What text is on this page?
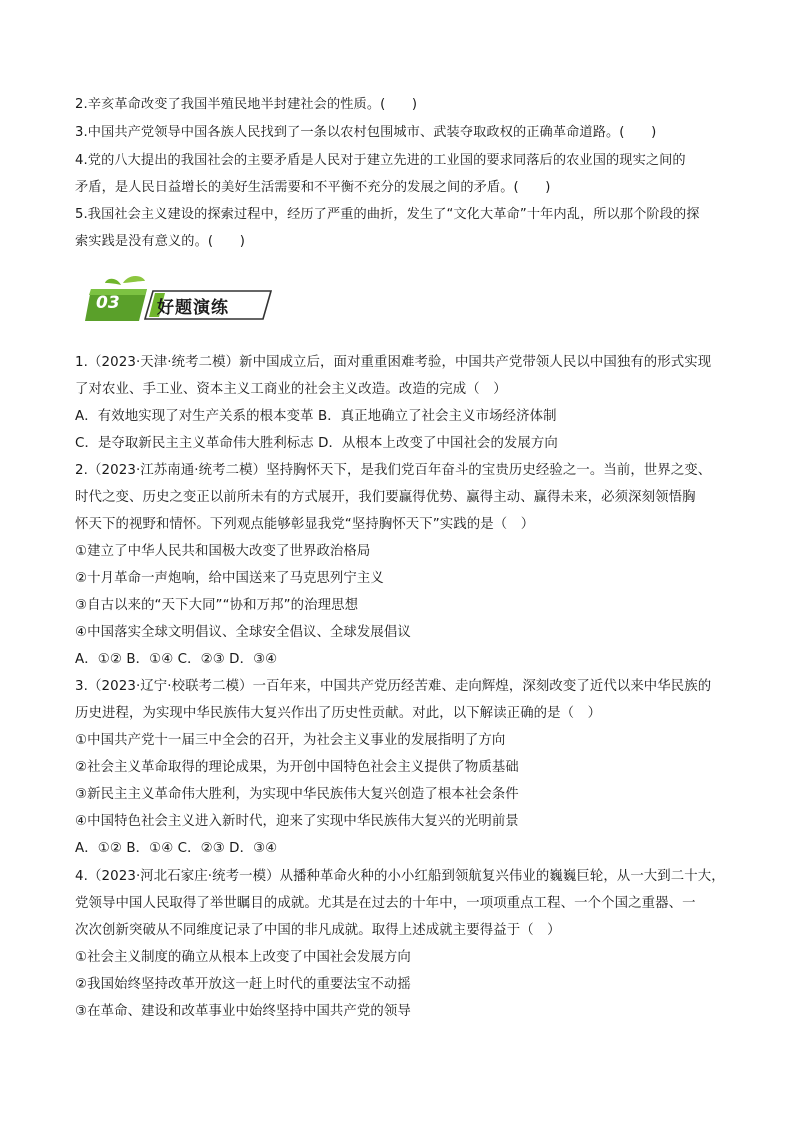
2.辛亥革命改变了我国半殖民地半封建社会的性质。(　　)
3.中国共产党领导中国各族人民找到了一条以农村包围城市、武装夺取政权的正确革命道路。(　　)
4.党的八大提出的我国社会的主要矛盾是人民对于建立先进的工业国的要求同落后的农业国的现实之间的
矛盾，是人民日益增长的美好生活需要和不平衡不充分的发展之间的矛盾。(　　)
5.我国社会主义建设的探索过程中，经历了严重的曲折，发生了“文化大革命”十年内乱，所以那个阶段的探
索实践是没有意义的。(　　)
03 好题演练
1.（2023·天津·统考二模）新中国成立后，面对重重困难考验，中国共产党带领人民以中国独有的形式实现
了对农业、手工业、资本主义工商业的社会主义改造。改造的完成（　）
A．有效地实现了对生产关系的根本变革 B．真正地确立了社会主义市场经济体制
C．是夺取新民主主义革命伟大胜利标志 D．从根本上改变了中国社会的发展方向
2.（2023·江苏南通·统考二模）坚持胸怀天下，是我们党百年奋斗的宝贵历史经验之一。当前，世界之变、
时代之变、历史之变正以前所未有的方式展开，我们要赢得优势、赢得主动、赢得未来，必须深刻领悟胸
怀天下的视野和情怀。下列观点能够彰显我党“坚持胸怀天下”实践的是（　）
①建立了中华人民共和国极大改变了世界政治格局
②十月革命一声炮响，给中国送来了马克思列宁主义
③自古以来的“天下大同”“协和万邦”的治理思想
④中国落实全球文明倡议、全球安全倡议、全球发展倡议
A．①② B．①④ C．②③ D．③④
3.（2023·辽宁·校联考二模）一百年来，中国共产党历经苦难、走向辉煌，深刻改变了近代以来中华民族的
历史进程，为实现中华民族伟大复兴作出了历史性贡献。对此，以下解读正确的是（　）
①中国共产党十一届三中全会的召开，为社会主义事业的发展指明了方向
②社会主义革命取得的理论成果，为开创中国特色社会主义提供了物质基础
③新民主主义革命伟大胜利，为实现中华民族伟大复兴创造了根本社会条件
④中国特色社会主义进入新时代，迎来了实现中华民族伟大复兴的光明前景
A．①② B．①④ C．②③ D．③④
4.（2023·河北石家庄·统考一模）从播种革命火种的小小红船到领航复兴伟业的巍巍巨轮，从一大到二十大，
党领导中国人民取得了举世瞩目的成就。尤其是在过去的十年中，一项项重点工程、一个个国之重器、一
次次创新突破从不同维度记录了中国的非凡成就。取得上述成就主要得益于（　）
①社会主义制度的确立从根本上改变了中国社会发展方向
②我国始终坚持改革开放这一赶上时代的重要法宝不动摇
③在革命、建设和改革事业中始终坚持中国共产党的领导
